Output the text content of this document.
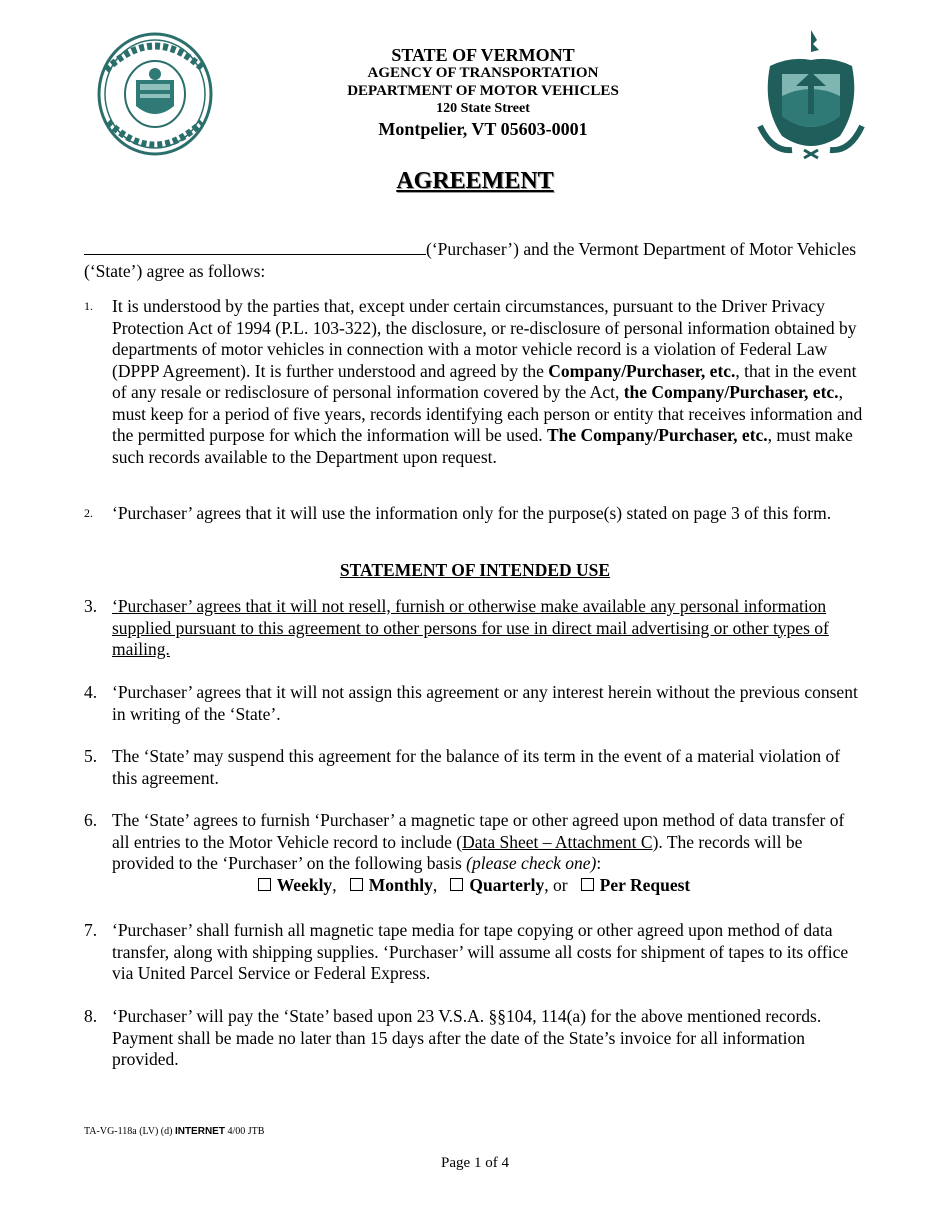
STATE OF VERMONT
AGENCY OF TRANSPORTATION
DEPARTMENT OF MOTOR VEHICLES
120 State Street
Montpelier, VT 05603-0001
AGREEMENT
(‘Purchaser’) and the Vermont Department of Motor Vehicles (‘State’) agree as follows:
1. It is understood by the parties that, except under certain circumstances, pursuant to the Driver Privacy Protection Act of 1994 (P.L. 103-322), the disclosure, or re-disclosure of personal information obtained by departments of motor vehicles in connection with a motor vehicle record is a violation of Federal Law (DPPP Agreement). It is further understood and agreed by the Company/Purchaser, etc., that in the event of any resale or redisclosure of personal information covered by the Act, the Company/Purchaser, etc., must keep for a period of five years, records identifying each person or entity that receives information and the permitted purpose for which the information will be used. The Company/Purchaser, etc., must make such records available to the Department upon request.
2. ‘Purchaser’ agrees that it will use the information only for the purpose(s) stated on page 3 of this form.
STATEMENT OF INTENDED USE
3. ‘Purchaser’ agrees that it will not resell, furnish or otherwise make available any personal information supplied pursuant to this agreement to other persons for use in direct mail advertising or other types of mailing.
4. ‘Purchaser’ agrees that it will not assign this agreement or any interest herein without the previous consent in writing of the ‘State’.
5. The ‘State’ may suspend this agreement for the balance of its term in the event of a material violation of this agreement.
6. The ‘State’ agrees to furnish ‘Purchaser’ a magnetic tape or other agreed upon method of data transfer of all entries to the Motor Vehicle record to include (Data Sheet – Attachment C). The records will be provided to the ‘Purchaser’ on the following basis (please check one):
Weekly, Monthly, Quarterly, or Per Request
7. ‘Purchaser’ shall furnish all magnetic tape media for tape copying or other agreed upon method of data transfer, along with shipping supplies. ‘Purchaser’ will assume all costs for shipment of tapes to its office via United Parcel Service or Federal Express.
8. ‘Purchaser’ will pay the ‘State’ based upon 23 V.S.A. §§104, 114(a) for the above mentioned records. Payment shall be made no later than 15 days after the date of the State’s invoice for all information provided.
TA-VG-118a (LV) (d) INTERNET 4/00 JTB
Page 1 of 4
